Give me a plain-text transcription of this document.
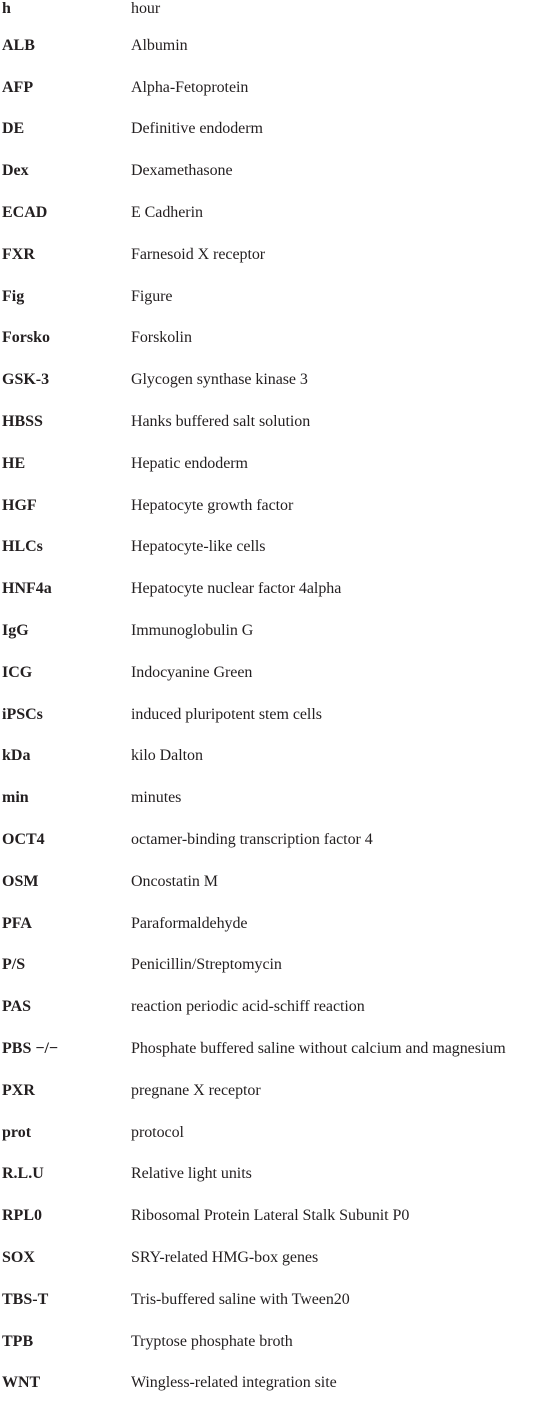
h	hour
ALB	Albumin
AFP	Alpha-Fetoprotein
DE	Definitive endoderm
Dex	Dexamethasone
ECAD	E Cadherin
FXR	Farnesoid X receptor
Fig	Figure
Forsko	Forskolin
GSK-3	Glycogen synthase kinase 3
HBSS	Hanks buffered salt solution
HE	Hepatic endoderm
HGF	Hepatocyte growth factor
HLCs	Hepatocyte-like cells
HNF4a	Hepatocyte nuclear factor 4alpha
IgG	Immunoglobulin G
ICG	Indocyanine Green
iPSCs	induced pluripotent stem cells
kDa	kilo Dalton
min	minutes
OCT4	octamer-binding transcription factor 4
OSM	Oncostatin M
PFA	Paraformaldehyde
P/S	Penicillin/Streptomycin
PAS	reaction periodic acid-schiff reaction
PBS −/−	Phosphate buffered saline without calcium and magnesium
PXR	pregnane X receptor
prot	protocol
R.L.U	Relative light units
RPL0	Ribosomal Protein Lateral Stalk Subunit P0
SOX	SRY-related HMG-box genes
TBS-T	Tris-buffered saline with Tween20
TPB	Tryptose phosphate broth
WNT	Wingless-related integration site
